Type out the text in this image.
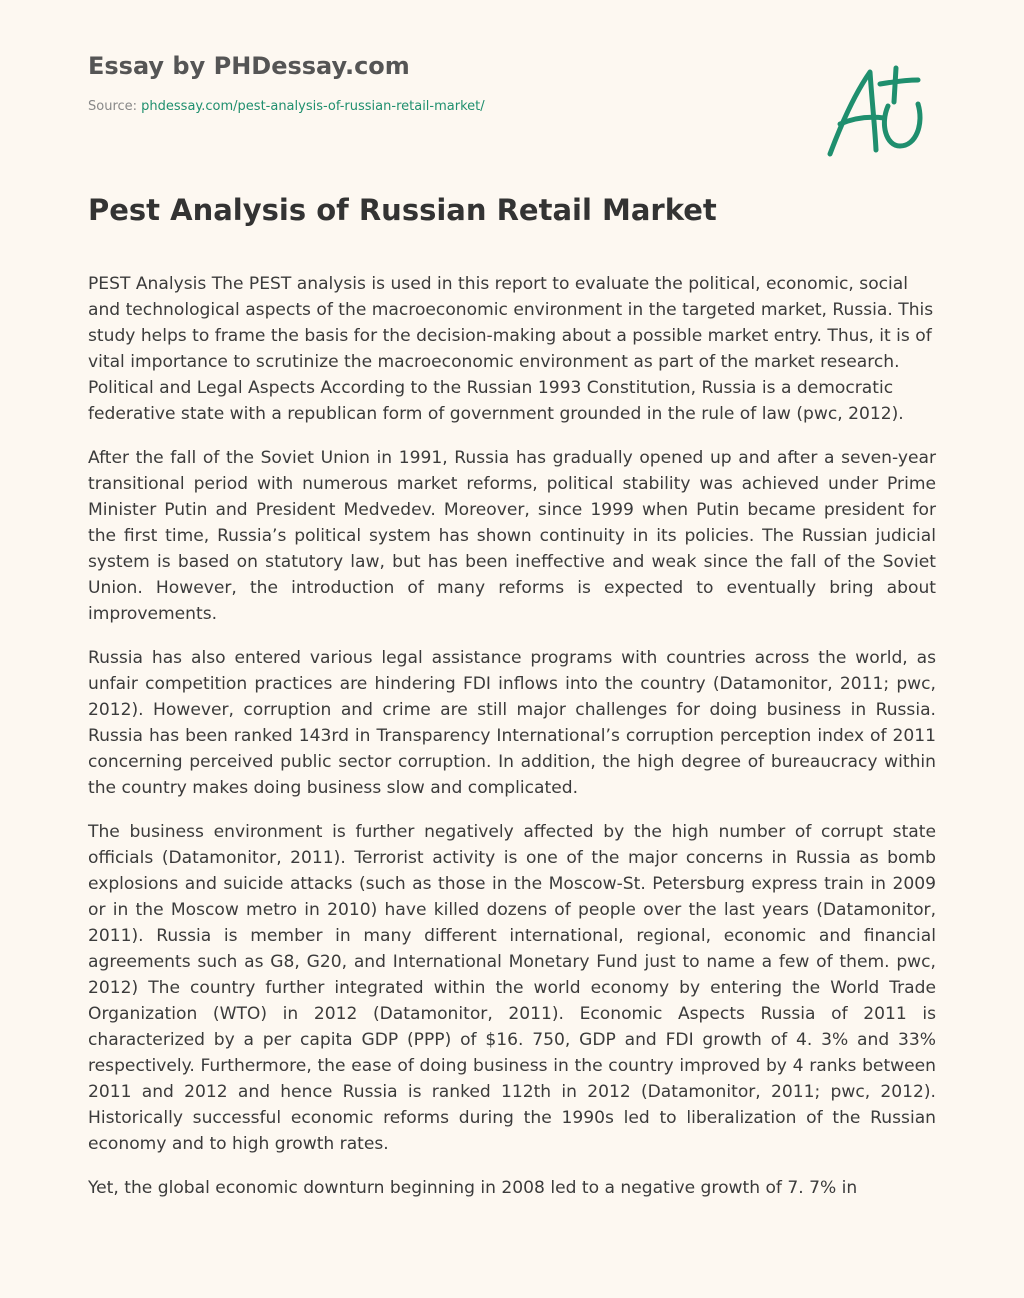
Essay by PHDessay.com
Source: phdessay.com/pest-analysis-of-russian-retail-market/
Pest Analysis of Russian Retail Market

PEST Analysis The PEST analysis is used in this report to evaluate the political, economic, social and technological aspects of the macroeconomic environment in the targeted market, Russia. This study helps to frame the basis for the decision-making about a possible market entry. Thus, it is of vital importance to scrutinize the macroeconomic environment as part of the market research. Political and Legal Aspects According to the Russian 1993 Constitution, Russia is a democratic federative state with a republican form of government grounded in the rule of law (pwc, 2012).

After the fall of the Soviet Union in 1991, Russia has gradually opened up and after a seven-year transitional period with numerous market reforms, political stability was achieved under Prime Minister Putin and President Medvedev. Moreover, since 1999 when Putin became president for the first time, Russia’s political system has shown continuity in its policies. The Russian judicial system is based on statutory law, but has been ineffective and weak since the fall of the Soviet Union. However, the introduction of many reforms is expected to eventually bring about improvements.

Russia has also entered various legal assistance programs with countries across the world, as unfair competition practices are hindering FDI inflows into the country (Datamonitor, 2011; pwc, 2012). However, corruption and crime are still major challenges for doing business in Russia. Russia has been ranked 143rd in Transparency International’s corruption perception index of 2011 concerning perceived public sector corruption. In addition, the high degree of bureaucracy within the country makes doing business slow and complicated.

The business environment is further negatively affected by the high number of corrupt state officials (Datamonitor, 2011). Terrorist activity is one of the major concerns in Russia as bomb explosions and suicide attacks (such as those in the Moscow-St. Petersburg express train in 2009 or in the Moscow metro in 2010) have killed dozens of people over the last years (Datamonitor, 2011). Russia is member in many different international, regional, economic and financial agreements such as G8, G20, and International Monetary Fund just to name a few of them. pwc, 2012) The country further integrated within the world economy by entering the World Trade Organization (WTO) in 2012 (Datamonitor, 2011). Economic Aspects Russia of 2011 is characterized by a per capita GDP (PPP) of $16. 750, GDP and FDI growth of 4. 3% and 33% respectively. Furthermore, the ease of doing business in the country improved by 4 ranks between 2011 and 2012 and hence Russia is ranked 112th in 2012 (Datamonitor, 2011; pwc, 2012). Historically successful economic reforms during the 1990s led to liberalization of the Russian economy and to high growth rates.

Yet, the global economic downturn beginning in 2008 led to a negative growth of 7. 7% in
